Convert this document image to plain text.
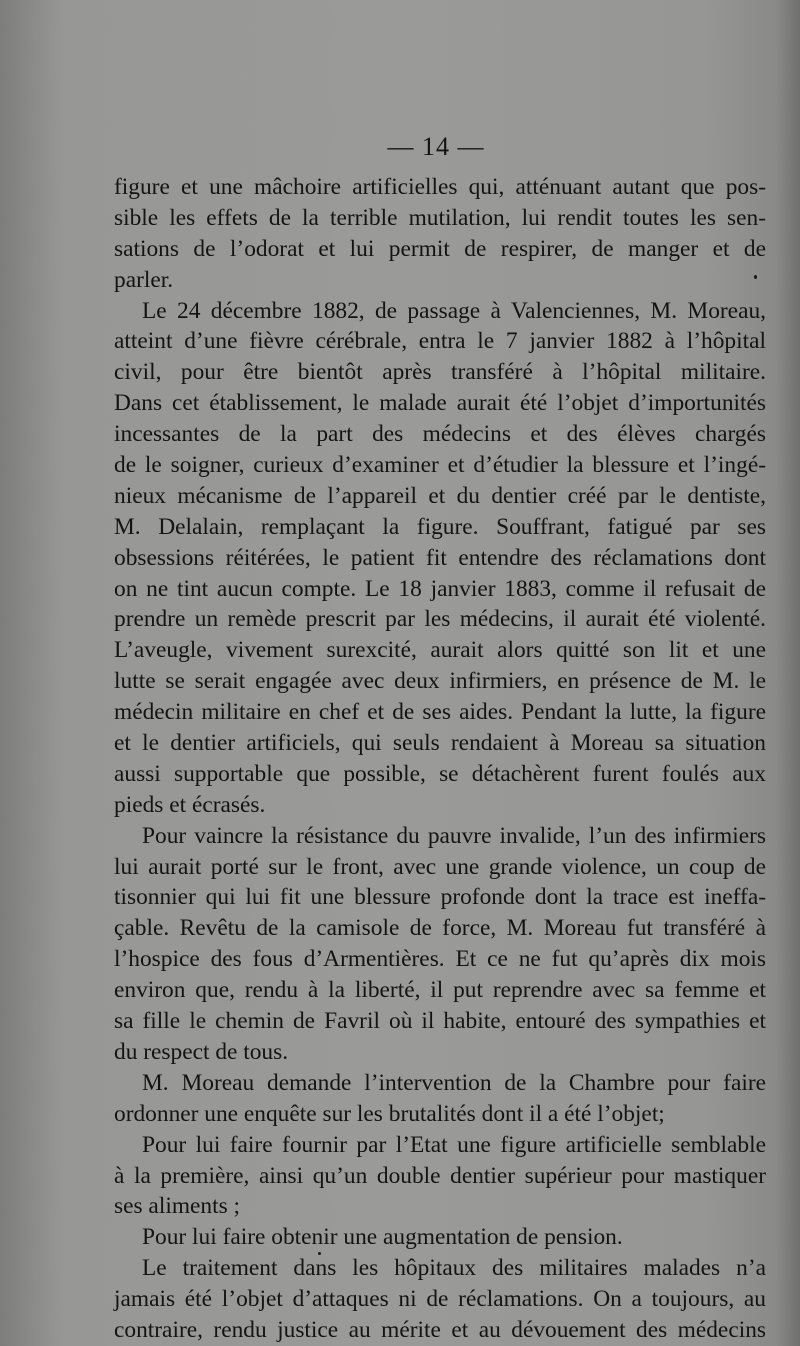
— 14 —
figure et une mâchoire artificielles qui, atténuant autant que pos-
sible les effets de la terrible mutilation, lui rendit toutes les sen-
sations de l’odorat et lui permit de respirer, de manger et de
parler.
Le 24 décembre 1882, de passage à Valenciennes, M. Moreau,
atteint d’une fièvre cérébrale, entra le 7 janvier 1882 à l’hôpital
civil, pour être bientôt après transféré à l’hôpital militaire.
Dans cet établissement, le malade aurait été l’objet d’importunités
incessantes de la part des médecins et des élèves chargés
de le soigner, curieux d’examiner et d’étudier la blessure et l’ingé-
nieux mécanisme de l’appareil et du dentier créé par le dentiste,
M. Delalain, remplaçant la figure. Souffrant, fatigué par ses
obsessions réitérées, le patient fit entendre des réclamations dont
on ne tint aucun compte. Le 18 janvier 1883, comme il refusait de
prendre un remède prescrit par les médecins, il aurait été violenté.
L’aveugle, vivement surexcité, aurait alors quitté son lit et une
lutte se serait engagée avec deux infirmiers, en présence de M. le
médecin militaire en chef et de ses aides. Pendant la lutte, la figure
et le dentier artificiels, qui seuls rendaient à Moreau sa situation
aussi supportable que possible, se détachèrent furent foulés aux
pieds et écrasés.
Pour vaincre la résistance du pauvre invalide, l’un des infirmiers
lui aurait porté sur le front, avec une grande violence, un coup de
tisonnier qui lui fit une blessure profonde dont la trace est ineffa-
çable. Revêtu de la camisole de force, M. Moreau fut transféré à
l’hospice des fous d’Armentières. Et ce ne fut qu’après dix mois
environ que, rendu à la liberté, il put reprendre avec sa femme et
sa fille le chemin de Favril où il habite, entouré des sympathies et
du respect de tous.
M. Moreau demande l’intervention de la Chambre pour faire
ordonner une enquête sur les brutalités dont il a été l’objet;
Pour lui faire fournir par l’Etat une figure artificielle semblable
à la première, ainsi qu’un double dentier supérieur pour mastiquer
ses aliments ;
Pour lui faire obtenir une augmentation de pension.
Le traitement dans les hôpitaux des militaires malades n’a
jamais été l’objet d’attaques ni de réclamations. On a toujours, au
contraire, rendu justice au mérite et au dévouement des médecins
